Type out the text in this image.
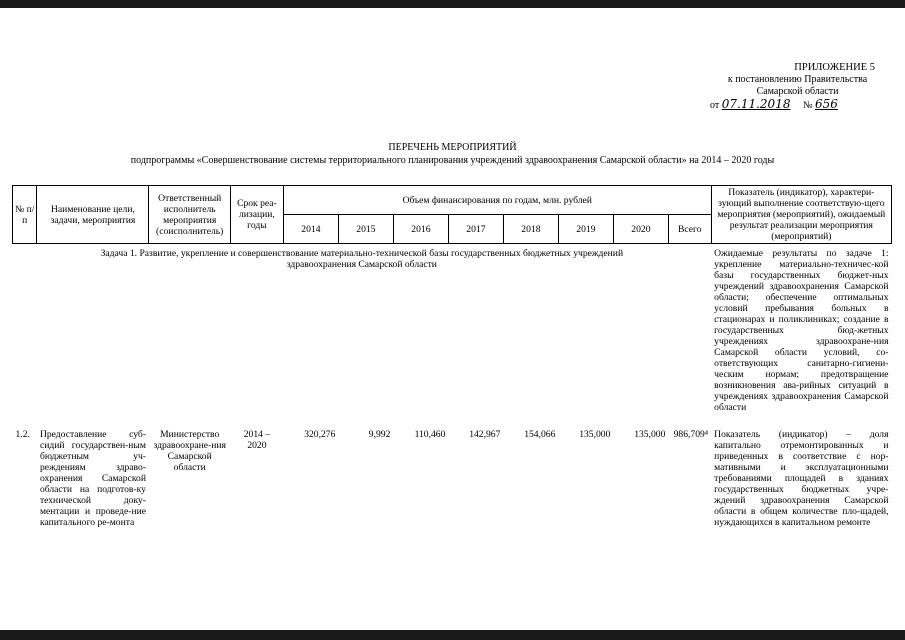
ПРИЛОЖЕНИЕ 5
к постановлению Правительства
Самарской области
от 07.11.2018 № 656
ПЕРЕЧЕНЬ МЕРОПРИЯТИЙ
подпрограммы «Совершенствование системы территориального планирования учреждений здравоохранения Самарской области» на 2014 – 2020 годы
№ п/п	Наименование цели, задачи, мероприятия	Ответственный исполнитель мероприятия (соисполнитель)	Срок реа-лизации, годы	Объем финансирования по годам, млн. рублей								Показатель (индикатор), характери-зующий выполнение соответствую-щего мероприятия (мероприятий), ожидаемый результат реализации мероприятия (мероприятий)
				2014	2015	2016	2017	2018	2019	2020	Всего	
Задача 1. Развитие, укрепление и совершенствование материально-технической базы государственных бюджетных учреждений здравоохранения Самарской области												Ожидаемые результаты по задаче 1: укрепление материально-техничес-кой базы государственных бюджет-ных учреждений здравоохранения Самарской области; обеспечение оптимальных условий пребывания больных в стационарах и поликлиниках; создание в государственных бюд-жетных учреждениях здравоохране-ния Самарской области условий, со-ответствующих санитарно-гигиени-ческим нормам; предотвращение возникновения ава-рийных ситуаций в учреждениях здравоохранения Самарской области
1.2.	Предоставление суб-сидий государствен-ным бюджетным уч-реждениям здраво-охранения Самарской области на подготов-ку технической доку-ментации и проведе-ние капитального ре-монта	Министерство здравоохране-ния Самарской области	2014 – 2020	320,276	9,992	110,460	142,967	154,066	135,000	135,000	986,709⁴	Показатель (индикатор) – доля капитально отремонтированных и приведенных в соответствие с нор-мативными и эксплуатационными требованиями площадей в зданиях государственных бюджетных учре-ждений здравоохранения Самарской области в общем количестве пло-щадей, нуждающихся в капитальном ремонте
